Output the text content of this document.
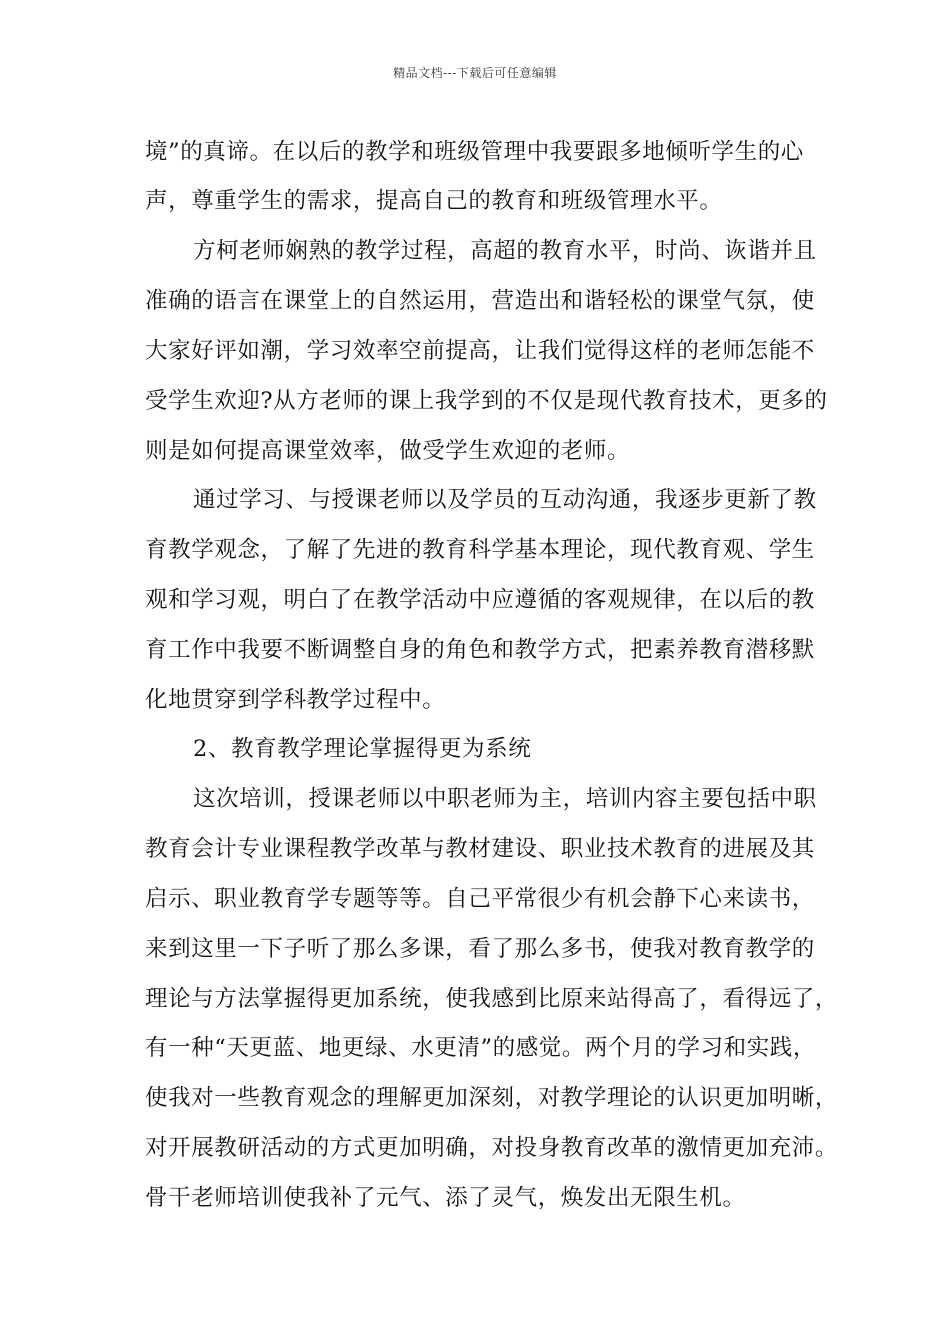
精品文档---下载后可任意编辑
境”的真谛。在以后的教学和班级管理中我要跟多地倾听学生的心
声，尊重学生的需求，提高自己的教育和班级管理水平。
方柯老师娴熟的教学过程，高超的教育水平，时尚、诙谐并且
准确的语言在课堂上的自然运用，营造出和谐轻松的课堂气氛，使
大家好评如潮，学习效率空前提高，让我们觉得这样的老师怎能不
受学生欢迎?从方老师的课上我学到的不仅是现代教育技术，更多的
则是如何提高课堂效率，做受学生欢迎的老师。
通过学习、与授课老师以及学员的互动沟通，我逐步更新了教
育教学观念，了解了先进的教育科学基本理论，现代教育观、学生
观和学习观，明白了在教学活动中应遵循的客观规律，在以后的教
育工作中我要不断调整自身的角色和教学方式，把素养教育潜移默
化地贯穿到学科教学过程中。
2、教育教学理论掌握得更为系统
这次培训，授课老师以中职老师为主，培训内容主要包括中职
教育会计专业课程教学改革与教材建设、职业技术教育的进展及其
启示、职业教育学专题等等。自己平常很少有机会静下心来读书，
来到这里一下子听了那么多课，看了那么多书，使我对教育教学的
理论与方法掌握得更加系统，使我感到比原来站得高了，看得远了，
有一种“天更蓝、地更绿、水更清”的感觉。两个月的学习和实践，
使我对一些教育观念的理解更加深刻，对教学理论的认识更加明晰，
对开展教研活动的方式更加明确，对投身教育改革的激情更加充沛。
骨干老师培训使我补了元气、添了灵气，焕发出无限生机。
